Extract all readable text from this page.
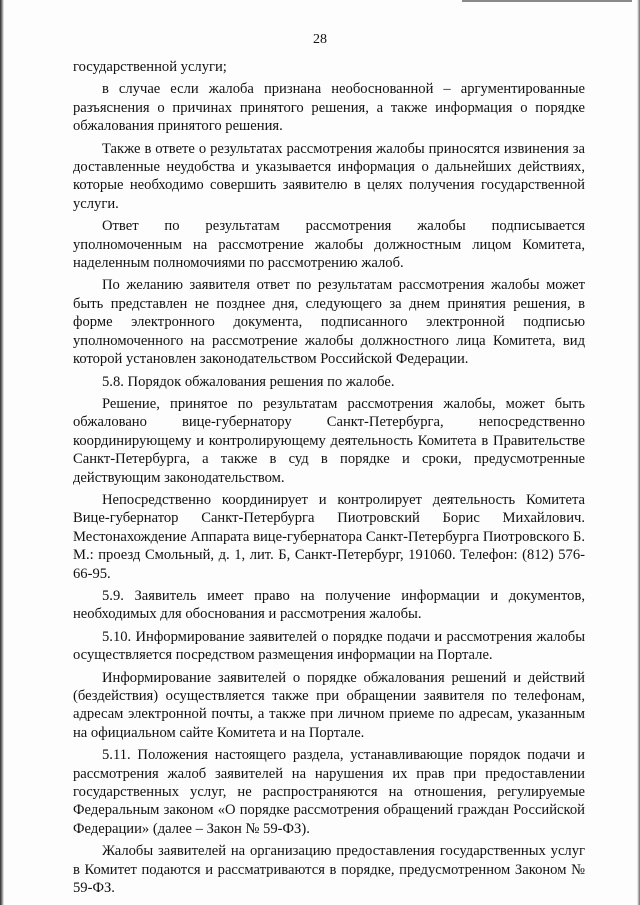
28

государственной услуги;

в случае если жалоба признана необоснованной – аргументированные разъяснения о причинах принятого решения, а также информация о порядке обжалования принятого решения.

Также в ответе о результатах рассмотрения жалобы приносятся извинения за доставленные неудобства и указывается информация о дальнейших действиях, которые необходимо совершить заявителю в целях получения государственной услуги.

Ответ по результатам рассмотрения жалобы подписывается уполномоченным на рассмотрение жалобы должностным лицом Комитета, наделенным полномочиями по рассмотрению жалоб.

По желанию заявителя ответ по результатам рассмотрения жалобы может быть представлен не позднее дня, следующего за днем принятия решения, в форме электронного документа, подписанного электронной подписью уполномоченного на рассмотрение жалобы должностного лица Комитета, вид которой установлен законодательством Российской Федерации.

5.8. Порядок обжалования решения по жалобе.

Решение, принятое по результатам рассмотрения жалобы, может быть обжаловано вице-губернатору Санкт-Петербурга, непосредственно координирующему и контролирующему деятельность Комитета в Правительстве Санкт-Петербурга, а также в суд в порядке и сроки, предусмотренные действующим законодательством.

Непосредственно координирует и контролирует деятельность Комитета Вице-губернатор Санкт-Петербурга Пиотровский Борис Михайлович. Местонахождение Аппарата вице-губернатора Санкт-Петербурга Пиотровского Б. М.: проезд Смольный, д. 1, лит. Б, Санкт-Петербург, 191060. Телефон: (812) 576-66-95.

5.9. Заявитель имеет право на получение информации и документов, необходимых для обоснования и рассмотрения жалобы.

5.10. Информирование заявителей о порядке подачи и рассмотрения жалобы осуществляется посредством размещения информации на Портале.

Информирование заявителей о порядке обжалования решений и действий (бездействия) осуществляется также при обращении заявителя по телефонам, адресам электронной почты, а также при личном приеме по адресам, указанным на официальном сайте Комитета и на Портале.

5.11. Положения настоящего раздела, устанавливающие порядок подачи и рассмотрения жалоб заявителей на нарушения их прав при предоставлении государственных услуг, не распространяются на отношения, регулируемые Федеральным законом «О порядке рассмотрения обращений граждан Российской Федерации» (далее – Закон № 59-ФЗ).

Жалобы заявителей на организацию предоставления государственных услуг в Комитет подаются и рассматриваются в порядке, предусмотренном Законом № 59-ФЗ.
